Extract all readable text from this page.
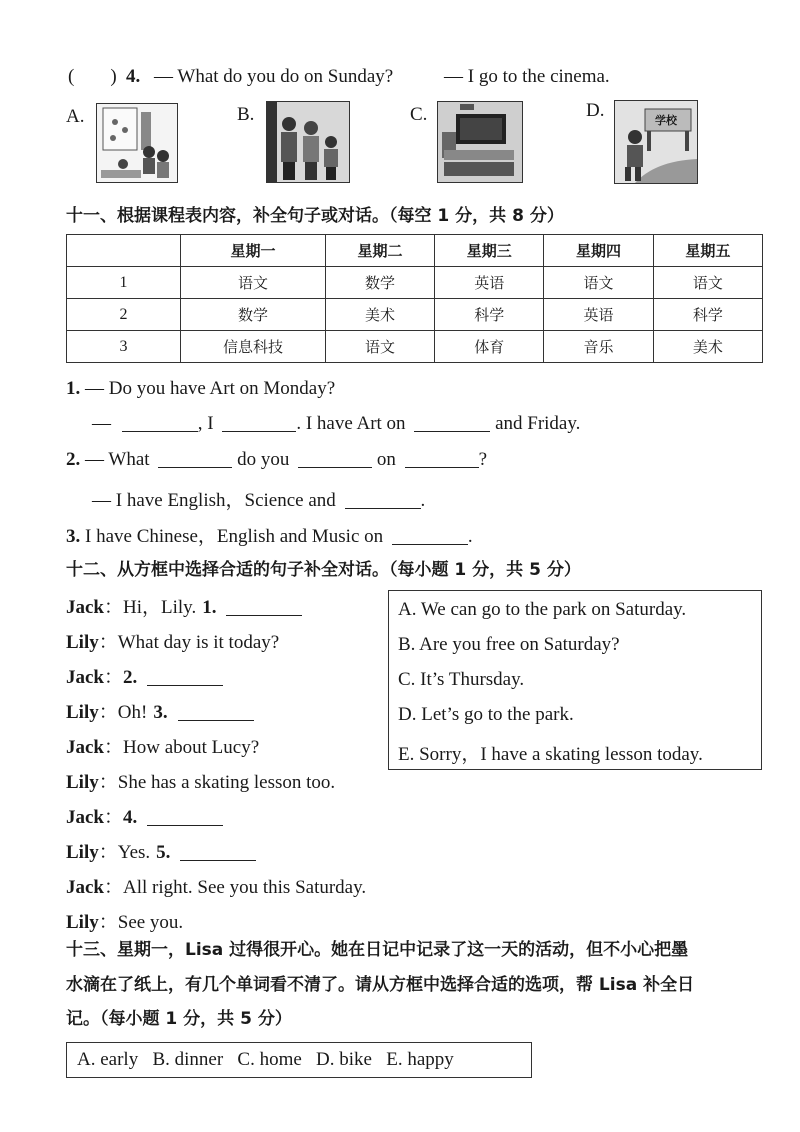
( ) 4. — What do you do on Sunday?	— I go to the cinema.
A.	B.	C.	D.	学校
十一、根据课程表内容，补全句子或对话。（每空 1 分，共 8 分）
	星期一	星期二	星期三	星期四	星期五
1	语文	数学	英语	语文	语文
2	数学	美术	科学	英语	科学
3	信息科技	语文	体育	音乐	美术
1. — Do you have Art on Monday?
—	, I	. I have Art on	and Friday.
2. — What	do you	on	?
— I have English，Science and	.
3. I have Chinese，English and Music on	.
十二、从方框中选择合适的句子补全对话。（每小题 1 分，共 5 分）
Jack：Hi，Lily. 1.
Lily：What day is it today?
Jack：2.
Lily：Oh! 3.
Jack：How about Lucy?
Lily：She has a skating lesson too.
Jack：4.
Lily：Yes. 5.
Jack：All right. See you this Saturday.
Lily：See you.
A. We can go to the park on Saturday.
B. Are you free on Saturday?
C. It’s Thursday.
D. Let’s go to the park.
E. Sorry，I have a skating lesson today.
十三、星期一，Lisa 过得很开心。她在日记中记录了这一天的活动，但不小心把墨
水滴在了纸上，有几个单词看不清了。请从方框中选择合适的选项，帮 Lisa 补全日
记。（每小题 1 分，共 5 分）
A. early   B. dinner   C. home   D. bike   E. happy
